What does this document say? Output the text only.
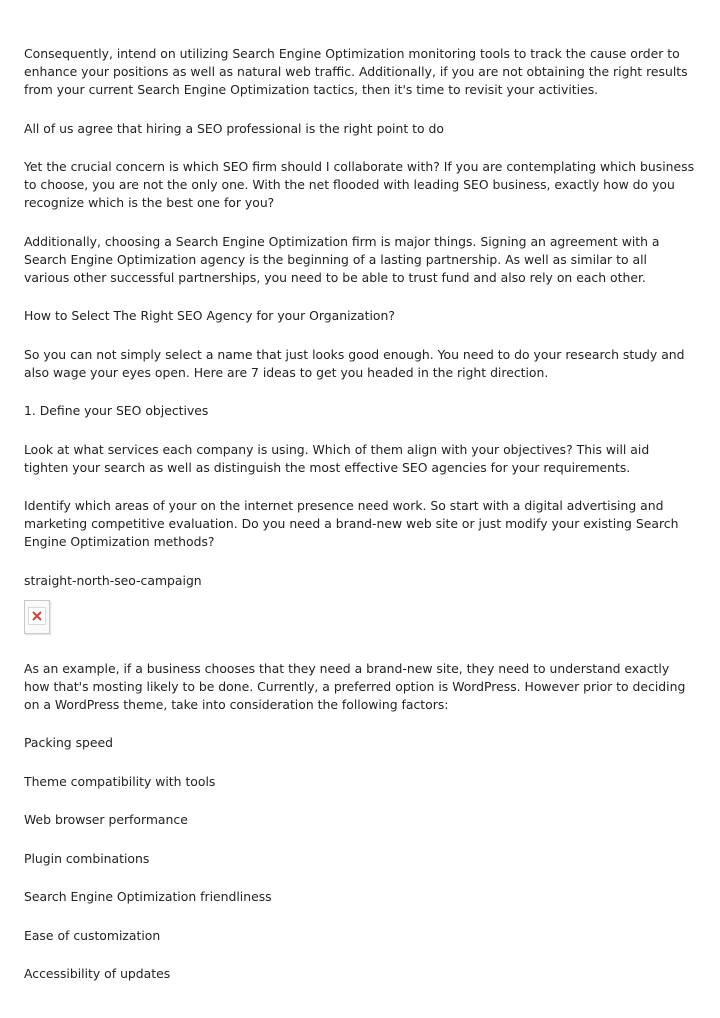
Consequently, intend on utilizing Search Engine Optimization monitoring tools to track the cause order to enhance your positions as well as natural web traffic. Additionally, if you are not obtaining the right results from your current Search Engine Optimization tactics, then it's time to revisit your activities.

All of us agree that hiring a SEO professional is the right point to do

Yet the crucial concern is which SEO firm should I collaborate with? If you are contemplating which business to choose, you are not the only one. With the net flooded with leading SEO business, exactly how do you recognize which is the best one for you?

Additionally, choosing a Search Engine Optimization firm is major things. Signing an agreement with a Search Engine Optimization agency is the beginning of a lasting partnership. As well as similar to all various other successful partnerships, you need to be able to trust fund and also rely on each other.

How to Select The Right SEO Agency for your Organization?

So you can not simply select a name that just looks good enough. You need to do your research study and also wage your eyes open. Here are 7 ideas to get you headed in the right direction.

1. Define your SEO objectives

Look at what services each company is using. Which of them align with your objectives? This will aid tighten your search as well as distinguish the most effective SEO agencies for your requirements.

Identify which areas of your on the internet presence need work. So start with a digital advertising and marketing competitive evaluation. Do you need a brand-new web site or just modify your existing Search Engine Optimization methods?

straight-north-seo-campaign

As an example, if a business chooses that they need a brand-new site, they need to understand exactly how that's mosting likely to be done. Currently, a preferred option is WordPress. However prior to deciding on a WordPress theme, take into consideration the following factors:

Packing speed

Theme compatibility with tools

Web browser performance

Plugin combinations

Search Engine Optimization friendliness

Ease of customization

Accessibility of updates
